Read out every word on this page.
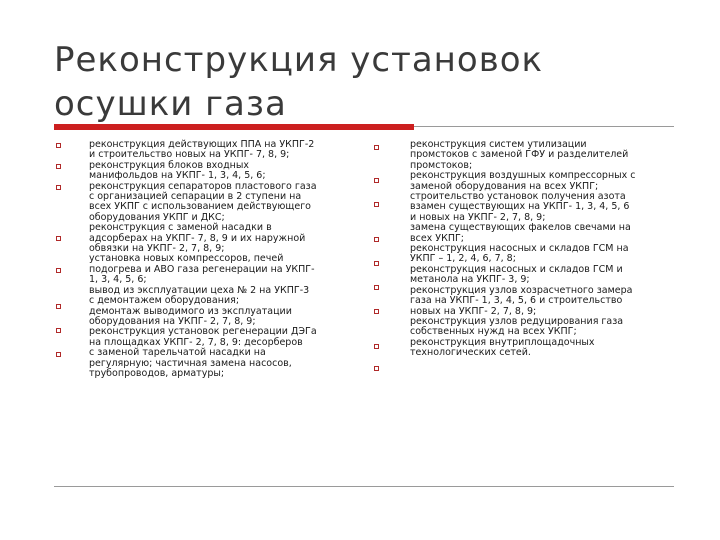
Реконструкция установок осушки газа

реконструкция действующих ППА на УКПГ-2
и строительство новых на УКПГ- 7, 8, 9;
реконструкция блоков входных
манифольдов на УКПГ- 1, 3, 4, 5, 6;
реконструкция сепараторов пластового газа
с организацией сепарации в 2 ступени на
всех УКПГ с использованием действующего
оборудования УКПГ и ДКС;
реконструкция с заменой насадки в
адсорберах на УКПГ- 7, 8, 9 и их наружной
обвязки на УКПГ- 2, 7, 8, 9;
установка новых компрессоров, печей
подогрева и АВО газа регенерации на УКПГ-
1, 3, 4, 5, 6;
вывод из эксплуатации цеха № 2 на УКПГ-3
с демонтажем оборудования;
демонтаж выводимого из эксплуатации
оборудования на УКПГ- 2, 7, 8, 9;
реконструкция установок регенерации ДЭГа
на площадках УКПГ- 2, 7, 8, 9: десорберов
с заменой тарельчатой насадки на
регулярную; частичная замена насосов,
трубопроводов, арматуры;

реконструкция систем утилизации
промстоков с заменой ГФУ и разделителей
промстоков;
реконструкция воздушных компрессорных с
заменой оборудования на всех УКПГ;
строительство установок получения азота
взамен существующих на УКПГ- 1, 3, 4, 5, 6
и новых на УКПГ- 2, 7, 8, 9;
замена существующих факелов свечами на
всех УКПГ;
реконструкция насосных и складов ГСМ на
УКПГ – 1, 2, 4, 6, 7, 8;
реконструкция насосных и складов ГСМ и
метанола на УКПГ- 3, 9;
реконструкция узлов хозрасчетного замера
газа на УКПГ- 1, 3, 4, 5, 6 и строительство
новых на УКПГ- 2, 7, 8, 9;
реконструкция узлов редуцирования газа
собственных нужд на всех УКПГ;
реконструкция внутриплощадочных
технологических сетей.
